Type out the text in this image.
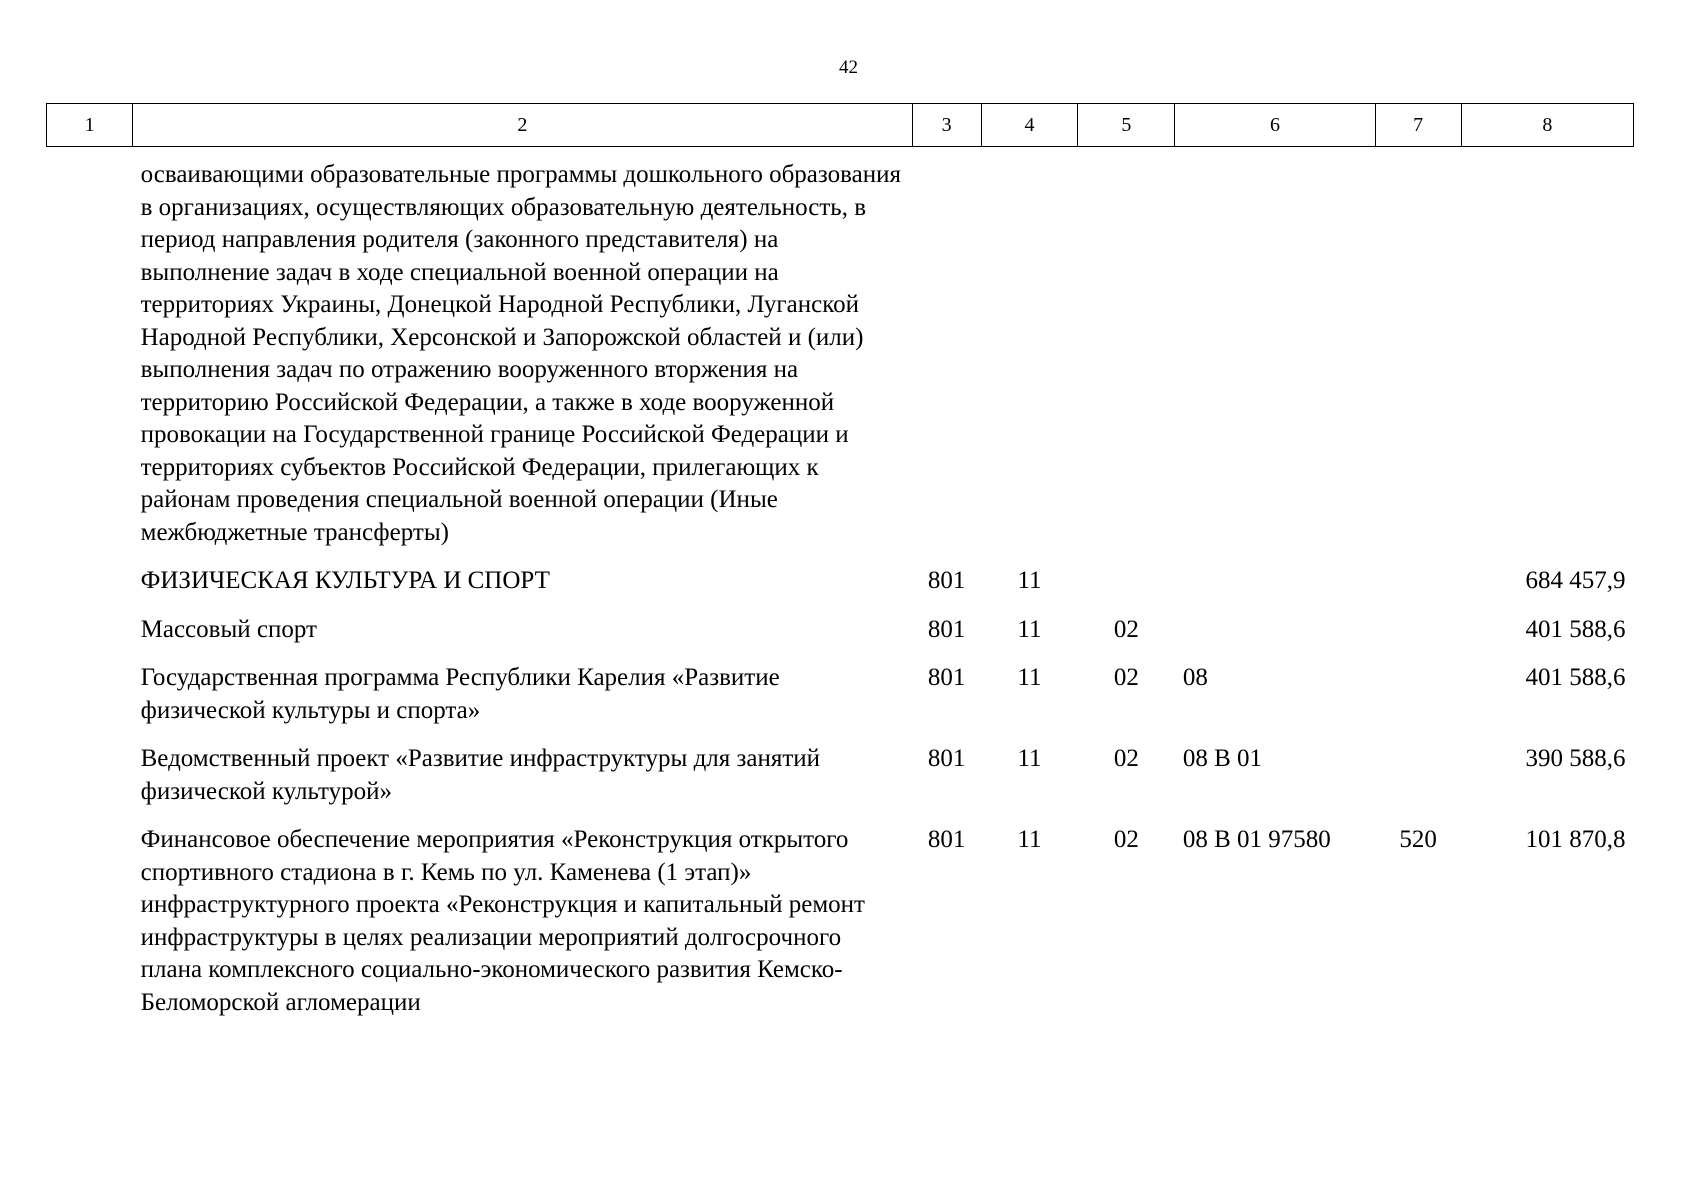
42
1	2	3	4	5	6	7	8
	осваивающими образовательные программы дошкольного образования в организациях, осуществляющих образовательную деятельность, в период направления родителя (законного представителя) на выполнение задач в ходе специальной военной операции на территориях Украины, Донецкой Народной Республики, Луганской Народной Республики, Херсонской и Запорожской областей и (или) выполнения задач по отражению вооруженного вторжения на территорию Российской Федерации, а также в ходе вооруженной провокации на Государственной границе Российской Федерации и территориях субъектов Российской Федерации, прилегающих к районам проведения специальной военной операции (Иные межбюджетные трансферты)						
	ФИЗИЧЕСКАЯ КУЛЬТУРА И СПОРТ	801	11				684 457,9
	Массовый спорт	801	11	02			401 588,6
	Государственная программа Республики Карелия «Развитие физической культуры и спорта»	801	11	02	08		401 588,6
	Ведомственный проект «Развитие инфраструктуры для занятий физической культурой»	801	11	02	08 В 01		390 588,6
	Финансовое обеспечение мероприятия «Реконструкция открытого спортивного стадиона в г. Кемь по ул. Каменева (1 этап)» инфраструктурного проекта «Реконструкция и капитальный ремонт инфраструктуры в целях реализации мероприятий долгосрочного плана комплексного социально-экономического развития Кемско-Беломорской агломерации	801	11	02	08 В 01 97580	520	101 870,8
